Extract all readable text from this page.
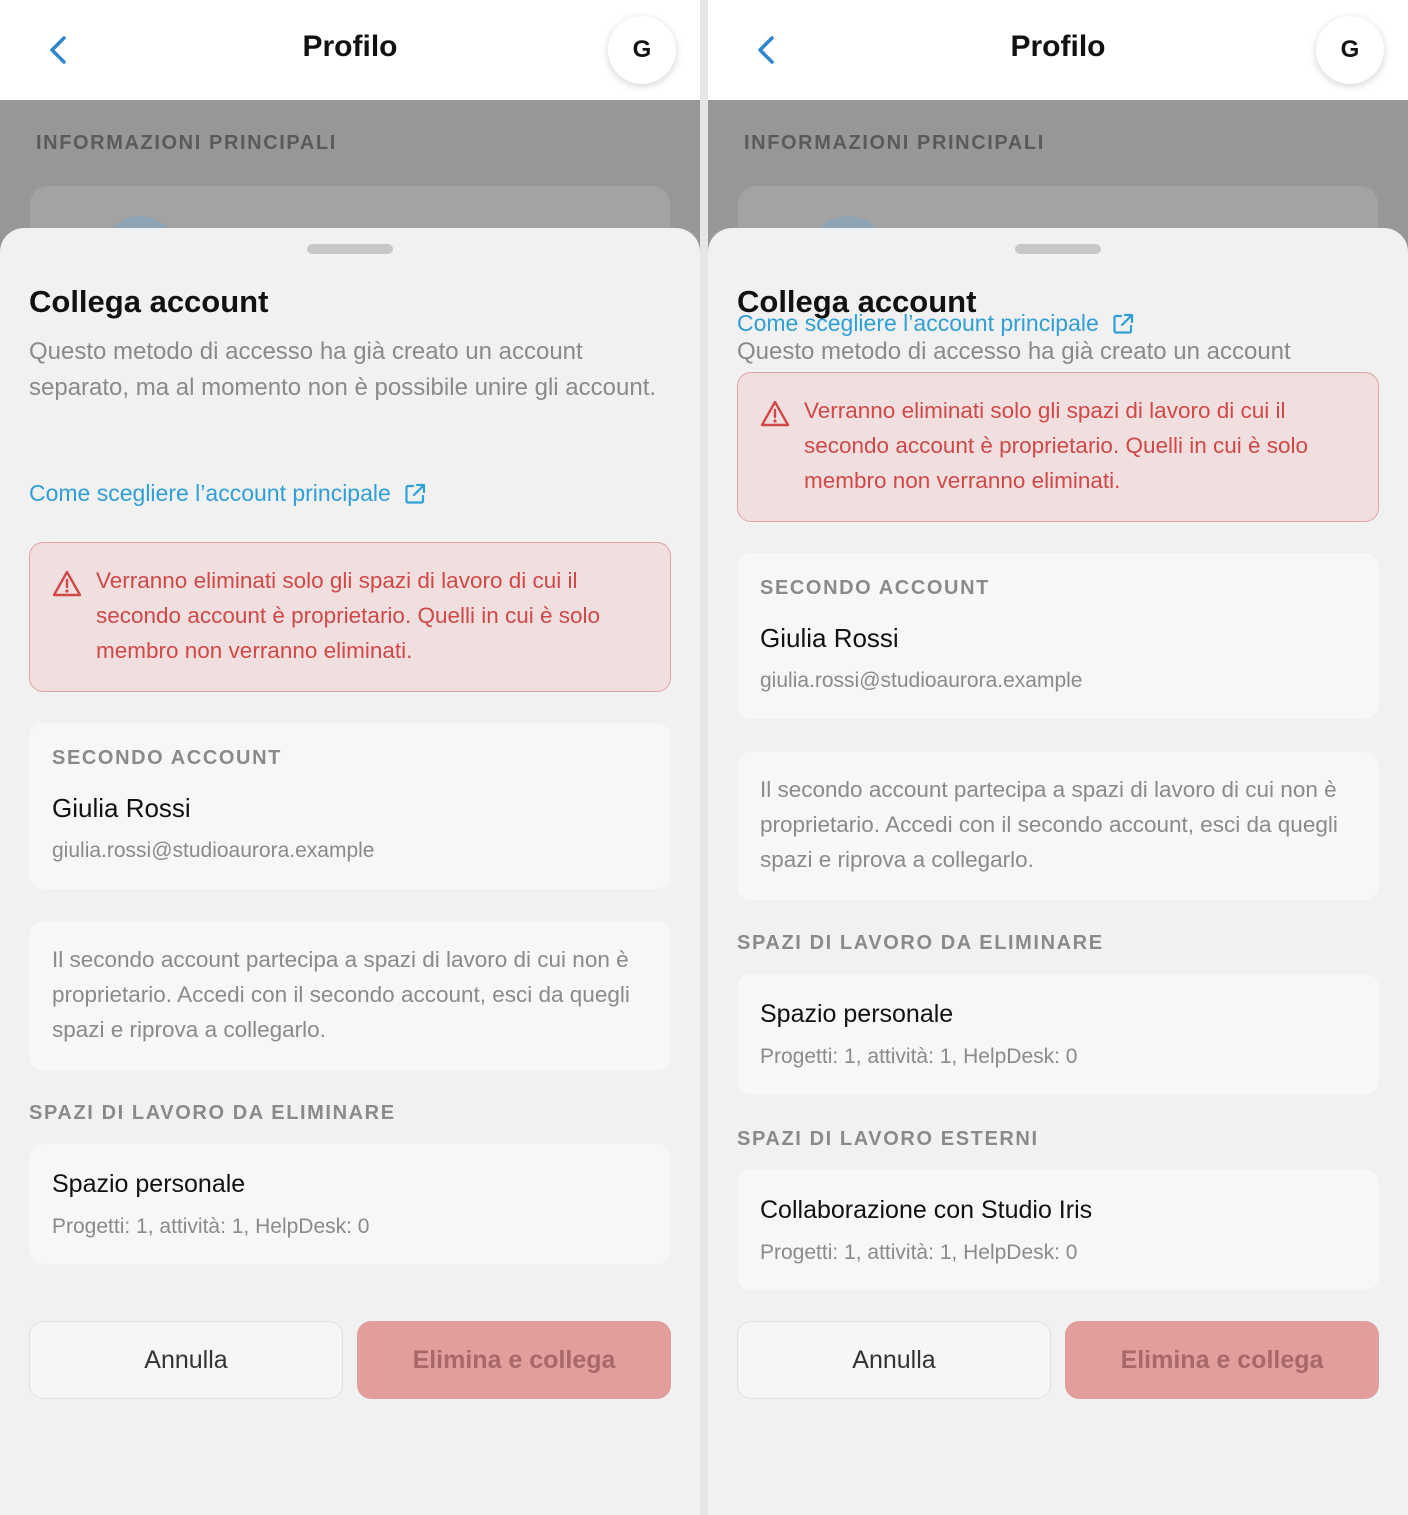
Profilo	G
INFORMAZIONI PRINCIPALI
Collega account
Questo metodo di accesso ha già creato un account separato, ma al momento non è possibile unire gli account.
Come scegliere l’account principale
Verranno eliminati solo gli spazi di lavoro di cui il secondo account è proprietario. Quelli in cui è solo membro non verranno eliminati.
SECONDO ACCOUNT
Giulia Rossi
giulia.rossi@studioaurora.example
Il secondo account partecipa a spazi di lavoro di cui non è proprietario. Accedi con il secondo account, esci da quegli spazi e riprova a collegarlo.
SPAZI DI LAVORO DA ELIMINARE
Spazio personale
Progetti: 1, attività: 1, HelpDesk: 0
Annulla	Elimina e collega
Profilo	G
INFORMAZIONI PRINCIPALI
Collega account
Questo metodo di accesso ha già creato un account
Come scegliere l’account principale
Verranno eliminati solo gli spazi di lavoro di cui il secondo account è proprietario. Quelli in cui è solo membro non verranno eliminati.
SECONDO ACCOUNT
Giulia Rossi
giulia.rossi@studioaurora.example
Il secondo account partecipa a spazi di lavoro di cui non è proprietario. Accedi con il secondo account, esci da quegli spazi e riprova a collegarlo.
SPAZI DI LAVORO DA ELIMINARE
Spazio personale
Progetti: 1, attività: 1, HelpDesk: 0
SPAZI DI LAVORO ESTERNI
Collaborazione con Studio Iris
Progetti: 1, attività: 1, HelpDesk: 0
Annulla	Elimina e collega
